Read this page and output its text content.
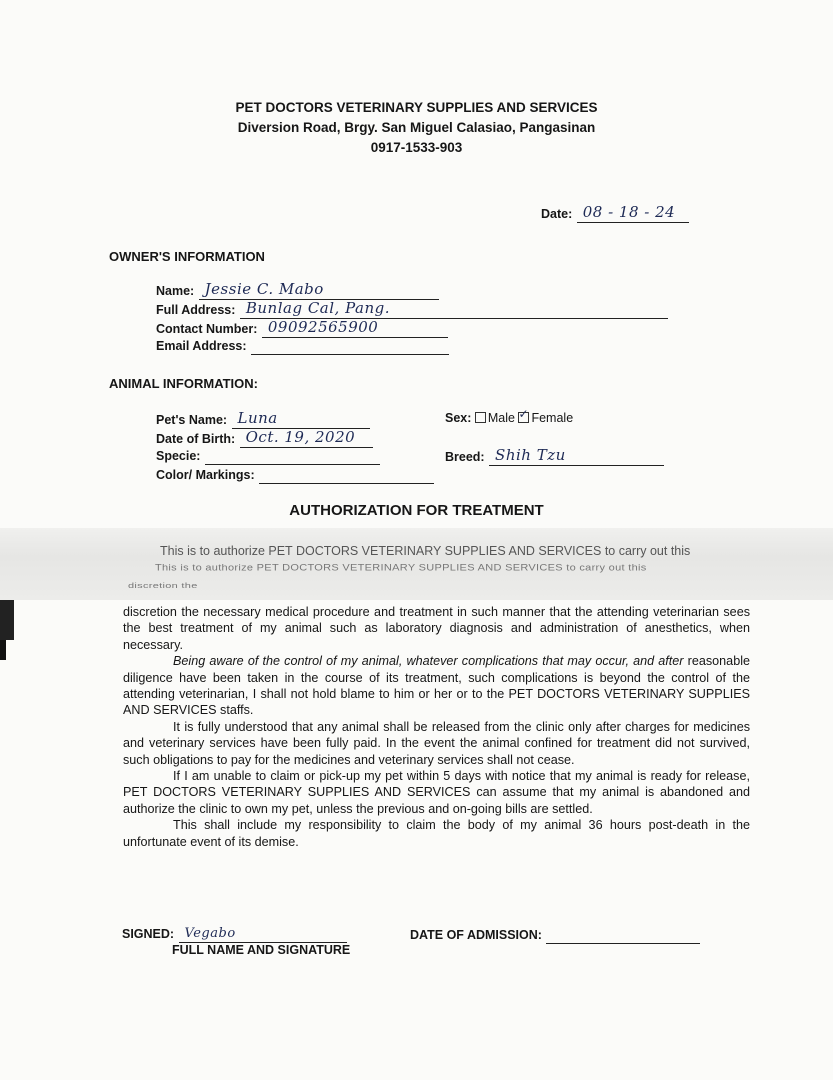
PET DOCTORS VETERINARY SUPPLIES AND SERVICES
Diversion Road, Brgy. San Miguel Calasiao, Pangasinan
0917-1533-903
Date: 08 - 18 - 24
OWNER'S INFORMATION
Name: Jessie C. Mabo
Full Address: Bunlag Cal, Pang.
Contact Number: 09092565900
Email Address:
ANIMAL INFORMATION:
Pet's Name: Luna
Date of Birth: Oct. 19, 2020
Specie:
Color/ Markings:
Sex: Male ✓ Female
Breed: Shih Tzu
AUTHORIZATION FOR TREATMENT
This is to authorize PET DOCTORS VETERINARY SUPPLIES AND SERVICES to carry out this
This is to authorize PET DOCTORS VETERINARY SUPPLIES AND SERVICES to carry out this
discretion the

discretion the necessary medical procedure and treatment in such manner that the attending veterinarian sees the best treatment of my animal such as laboratory diagnosis and administration of anesthetics, when necessary.

Being aware of the control of my animal, whatever complications that may occur, and after reasonable diligence have been taken in the course of its treatment, such complications is beyond the control of the attending veterinarian, I shall not hold blame to him or her or to the PET DOCTORS VETERINARY SUPPLIES AND SERVICES staffs.

It is fully understood that any animal shall be released from the clinic only after charges for medicines and veterinary services have been fully paid. In the event the animal confined for treatment did not survived, such obligations to pay for the medicines and veterinary services shall not cease.

If I am unable to claim or pick-up my pet within 5 days with notice that my animal is ready for release, PET DOCTORS VETERINARY SUPPLIES AND SERVICES can assume that my animal is abandoned and authorize the clinic to own my pet, unless the previous and on-going bills are settled.

This shall include my responsibility to claim the body of my animal 36 hours post-death in the unfortunate event of its demise.

SIGNED: Vegabo
FULL NAME AND SIGNATURE
DATE OF ADMISSION:
